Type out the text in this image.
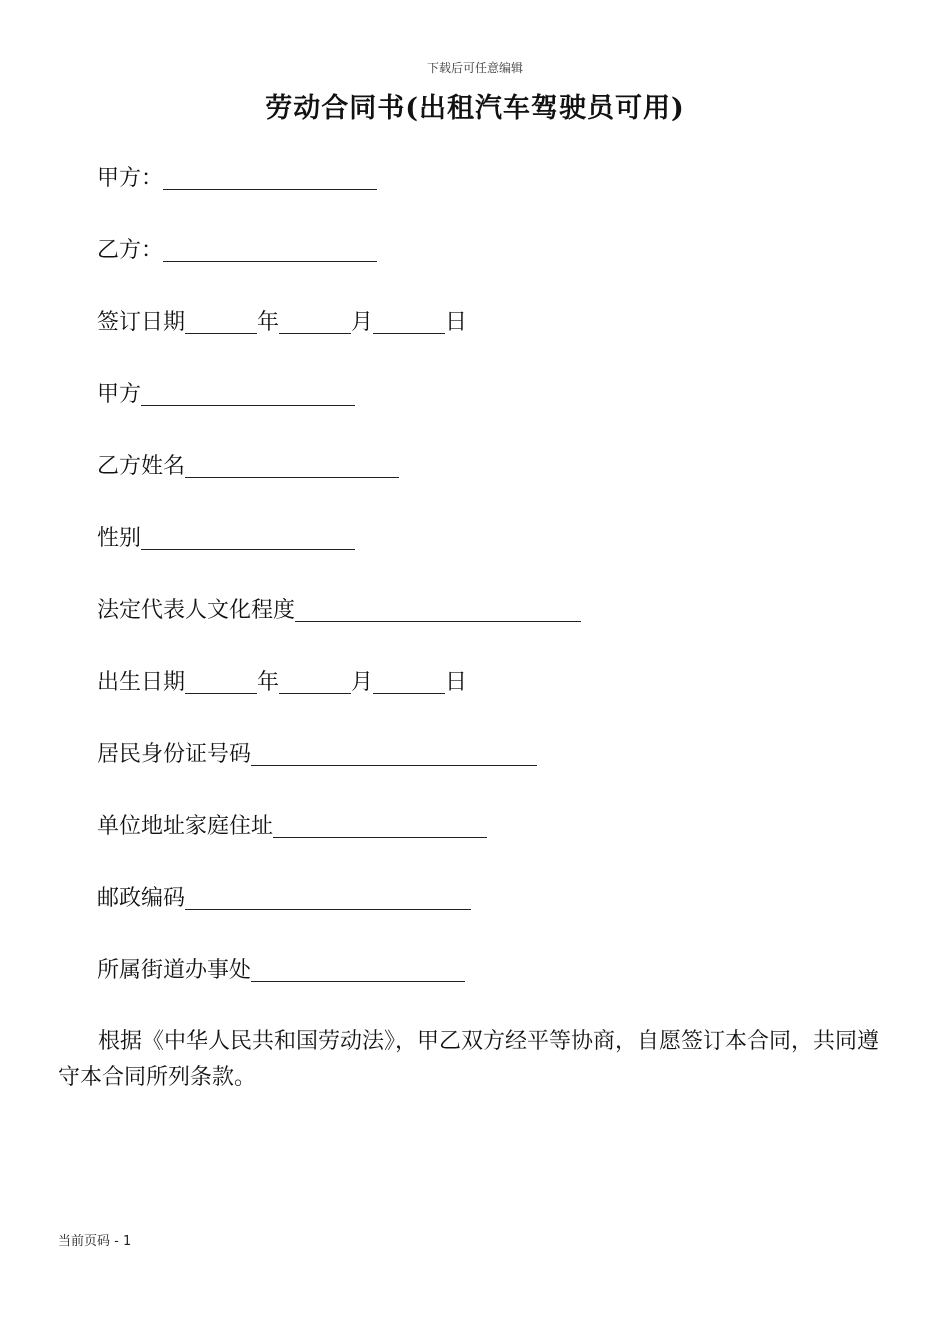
下载后可任意编辑
劳动合同书(出租汽车驾驶员可用)
甲方：
乙方：
签订日期	年	月	日
甲方
乙方姓名
性别
法定代表人文化程度
出生日期	年	月	日
居民身份证号码
单位地址家庭住址
邮政编码
所属街道办事处

根据《中华人民共和国劳动法》，甲乙双方经平等协商，自愿签订本合同，共同遵守本合同所列条款。

当前页码 - 1
